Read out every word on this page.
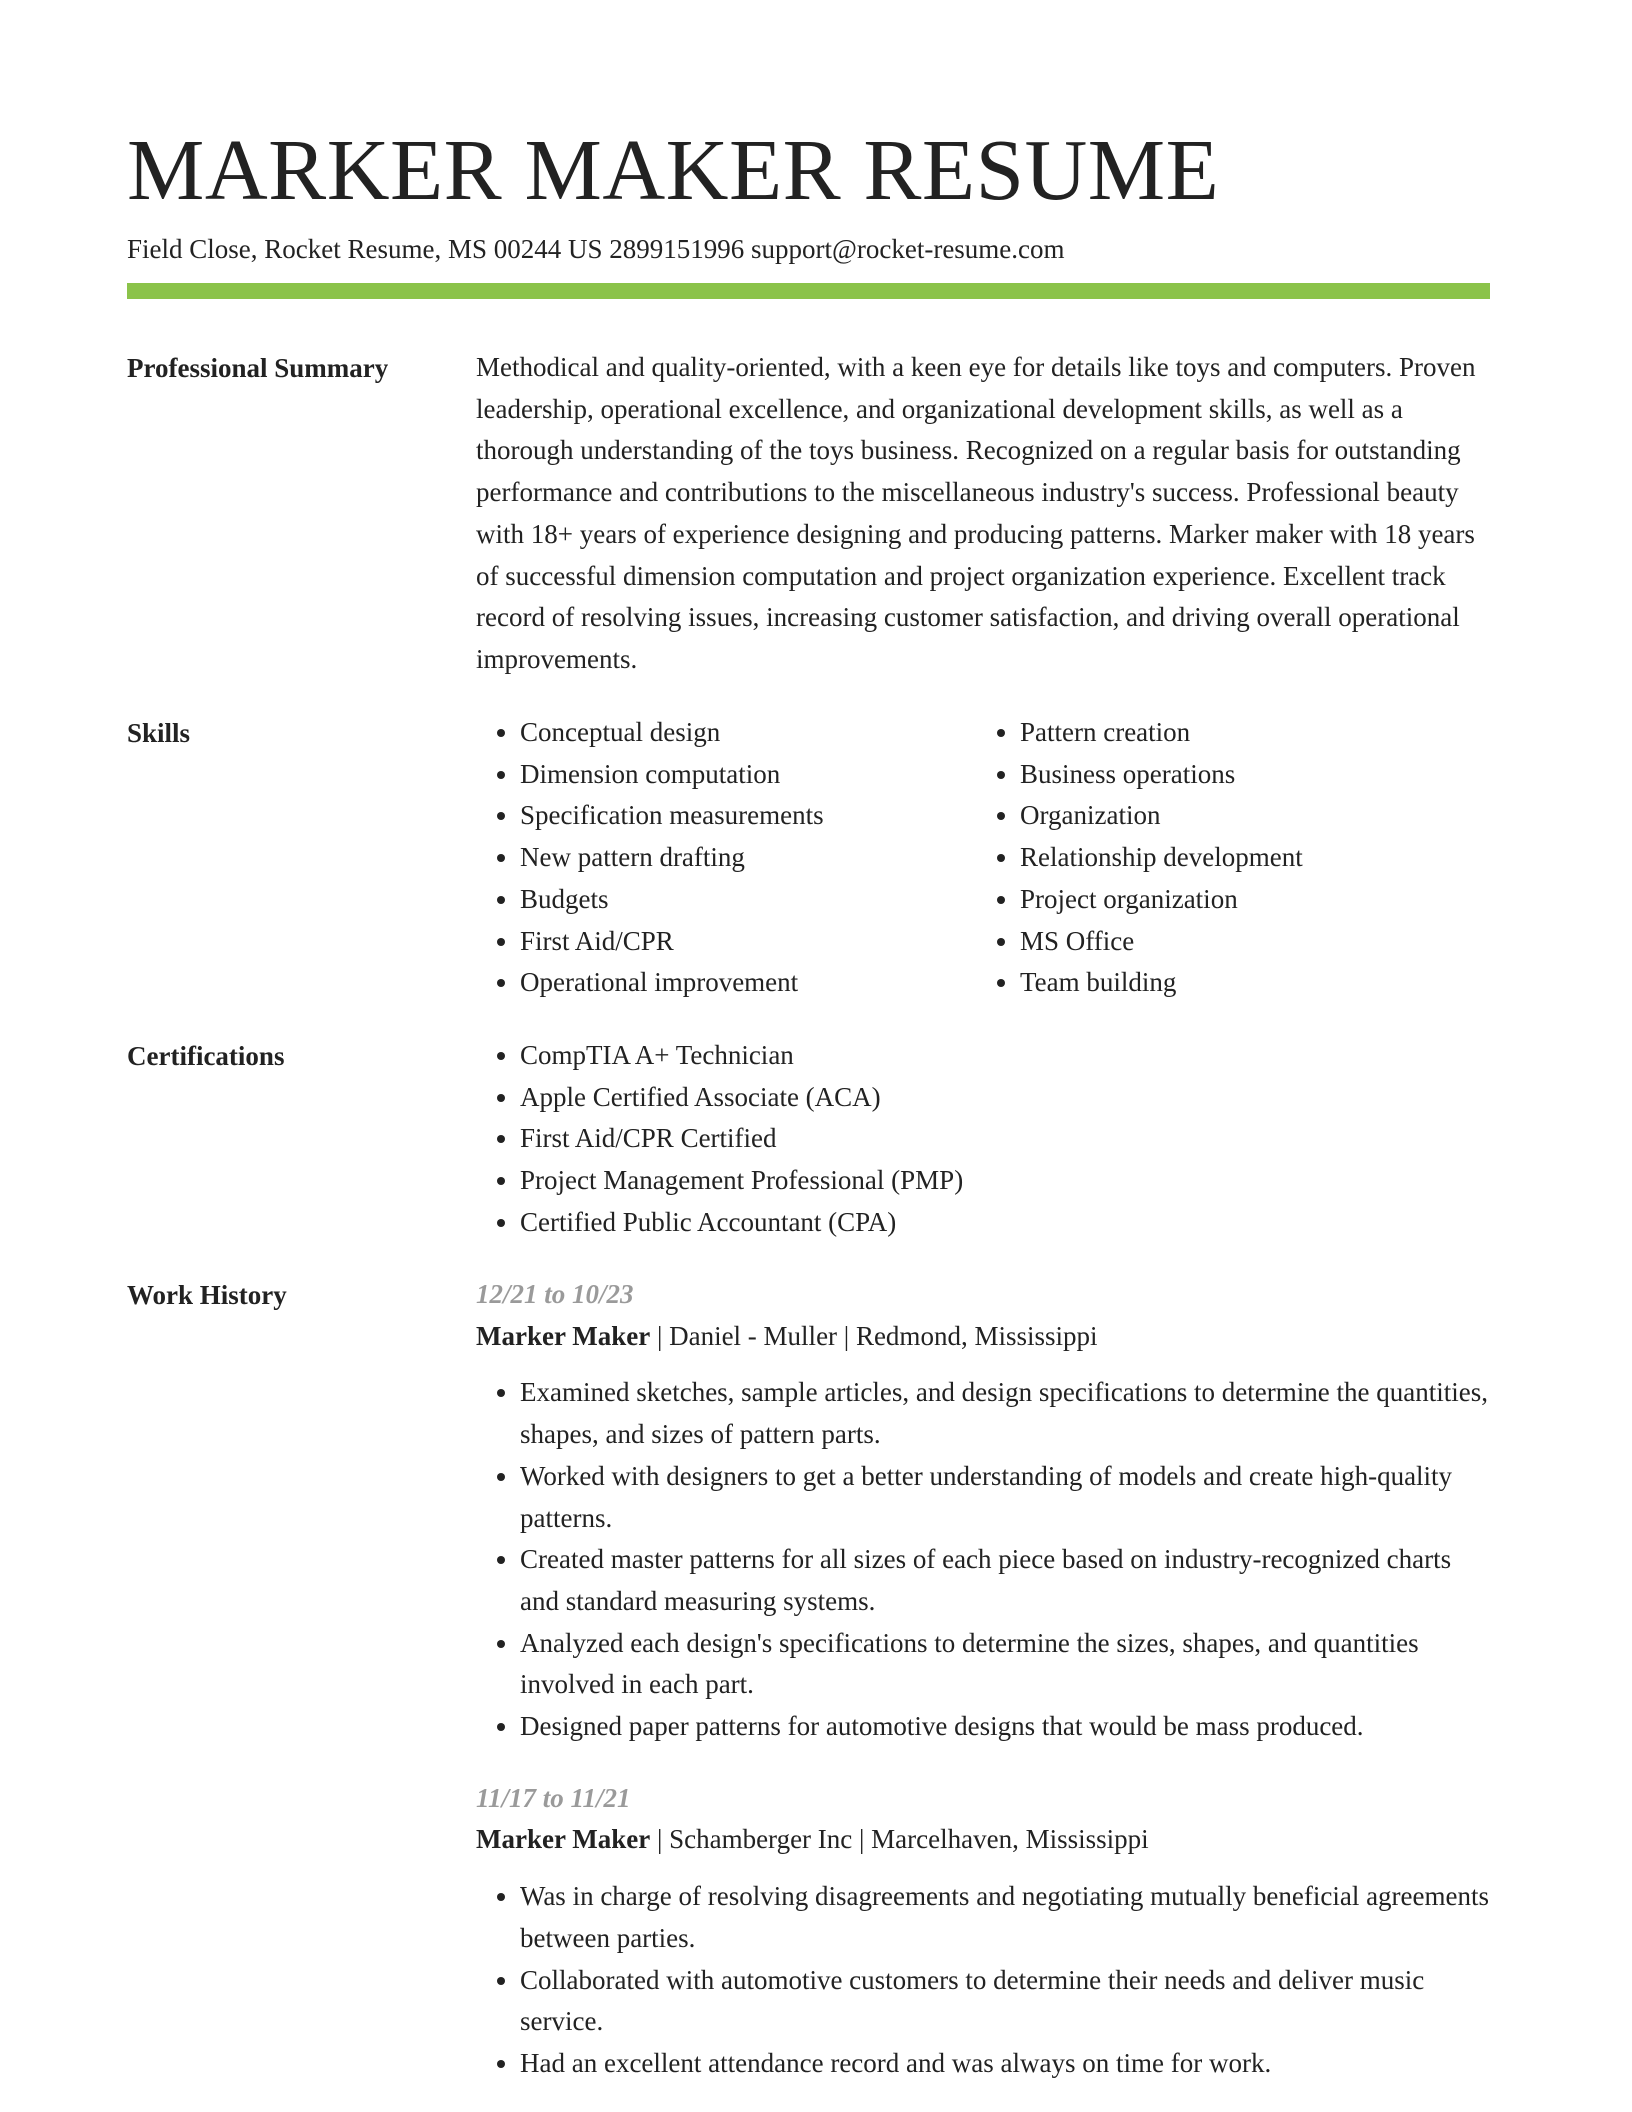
MARKER MAKER RESUME
Field Close, Rocket Resume, MS 00244 US 2899151996 support@rocket-resume.com
Professional Summary	Methodical and quality-oriented, with a keen eye for details like toys and computers. Proven leadership, operational excellence, and organizational development skills, as well as a thorough understanding of the toys business. Recognized on a regular basis for outstanding performance and contributions to the miscellaneous industry's success. Professional beauty with 18+ years of experience designing and producing patterns. Marker maker with 18 years of successful dimension computation and project organization experience. Excellent track record of resolving issues, increasing customer satisfaction, and driving overall operational improvements.

Skills	• Conceptual design
• Dimension computation
• Specification measurements
• New pattern drafting
• Budgets
• First Aid/CPR
• Operational improvement
• Pattern creation
• Business operations
• Organization
• Relationship development
• Project organization
• MS Office
• Team building
Certifications	• CompTIA A+ Technician
• Apple Certified Associate (ACA)
• First Aid/CPR Certified
• Project Management Professional (PMP)
• Certified Public Accountant (CPA)
Work History	12/21 to 10/23
Marker Maker | Daniel - Muller | Redmond, Mississippi
• Examined sketches, sample articles, and design specifications to determine the quantities, shapes, and sizes of pattern parts.
• Worked with designers to get a better understanding of models and create high-quality patterns.
• Created master patterns for all sizes of each piece based on industry-recognized charts and standard measuring systems.
• Analyzed each design's specifications to determine the sizes, shapes, and quantities involved in each part.
• Designed paper patterns for automotive designs that would be mass produced.
11/17 to 11/21
Marker Maker | Schamberger Inc | Marcelhaven, Mississippi
• Was in charge of resolving disagreements and negotiating mutually beneficial agreements between parties.
• Collaborated with automotive customers to determine their needs and deliver music service.
• Had an excellent attendance record and was always on time for work.
